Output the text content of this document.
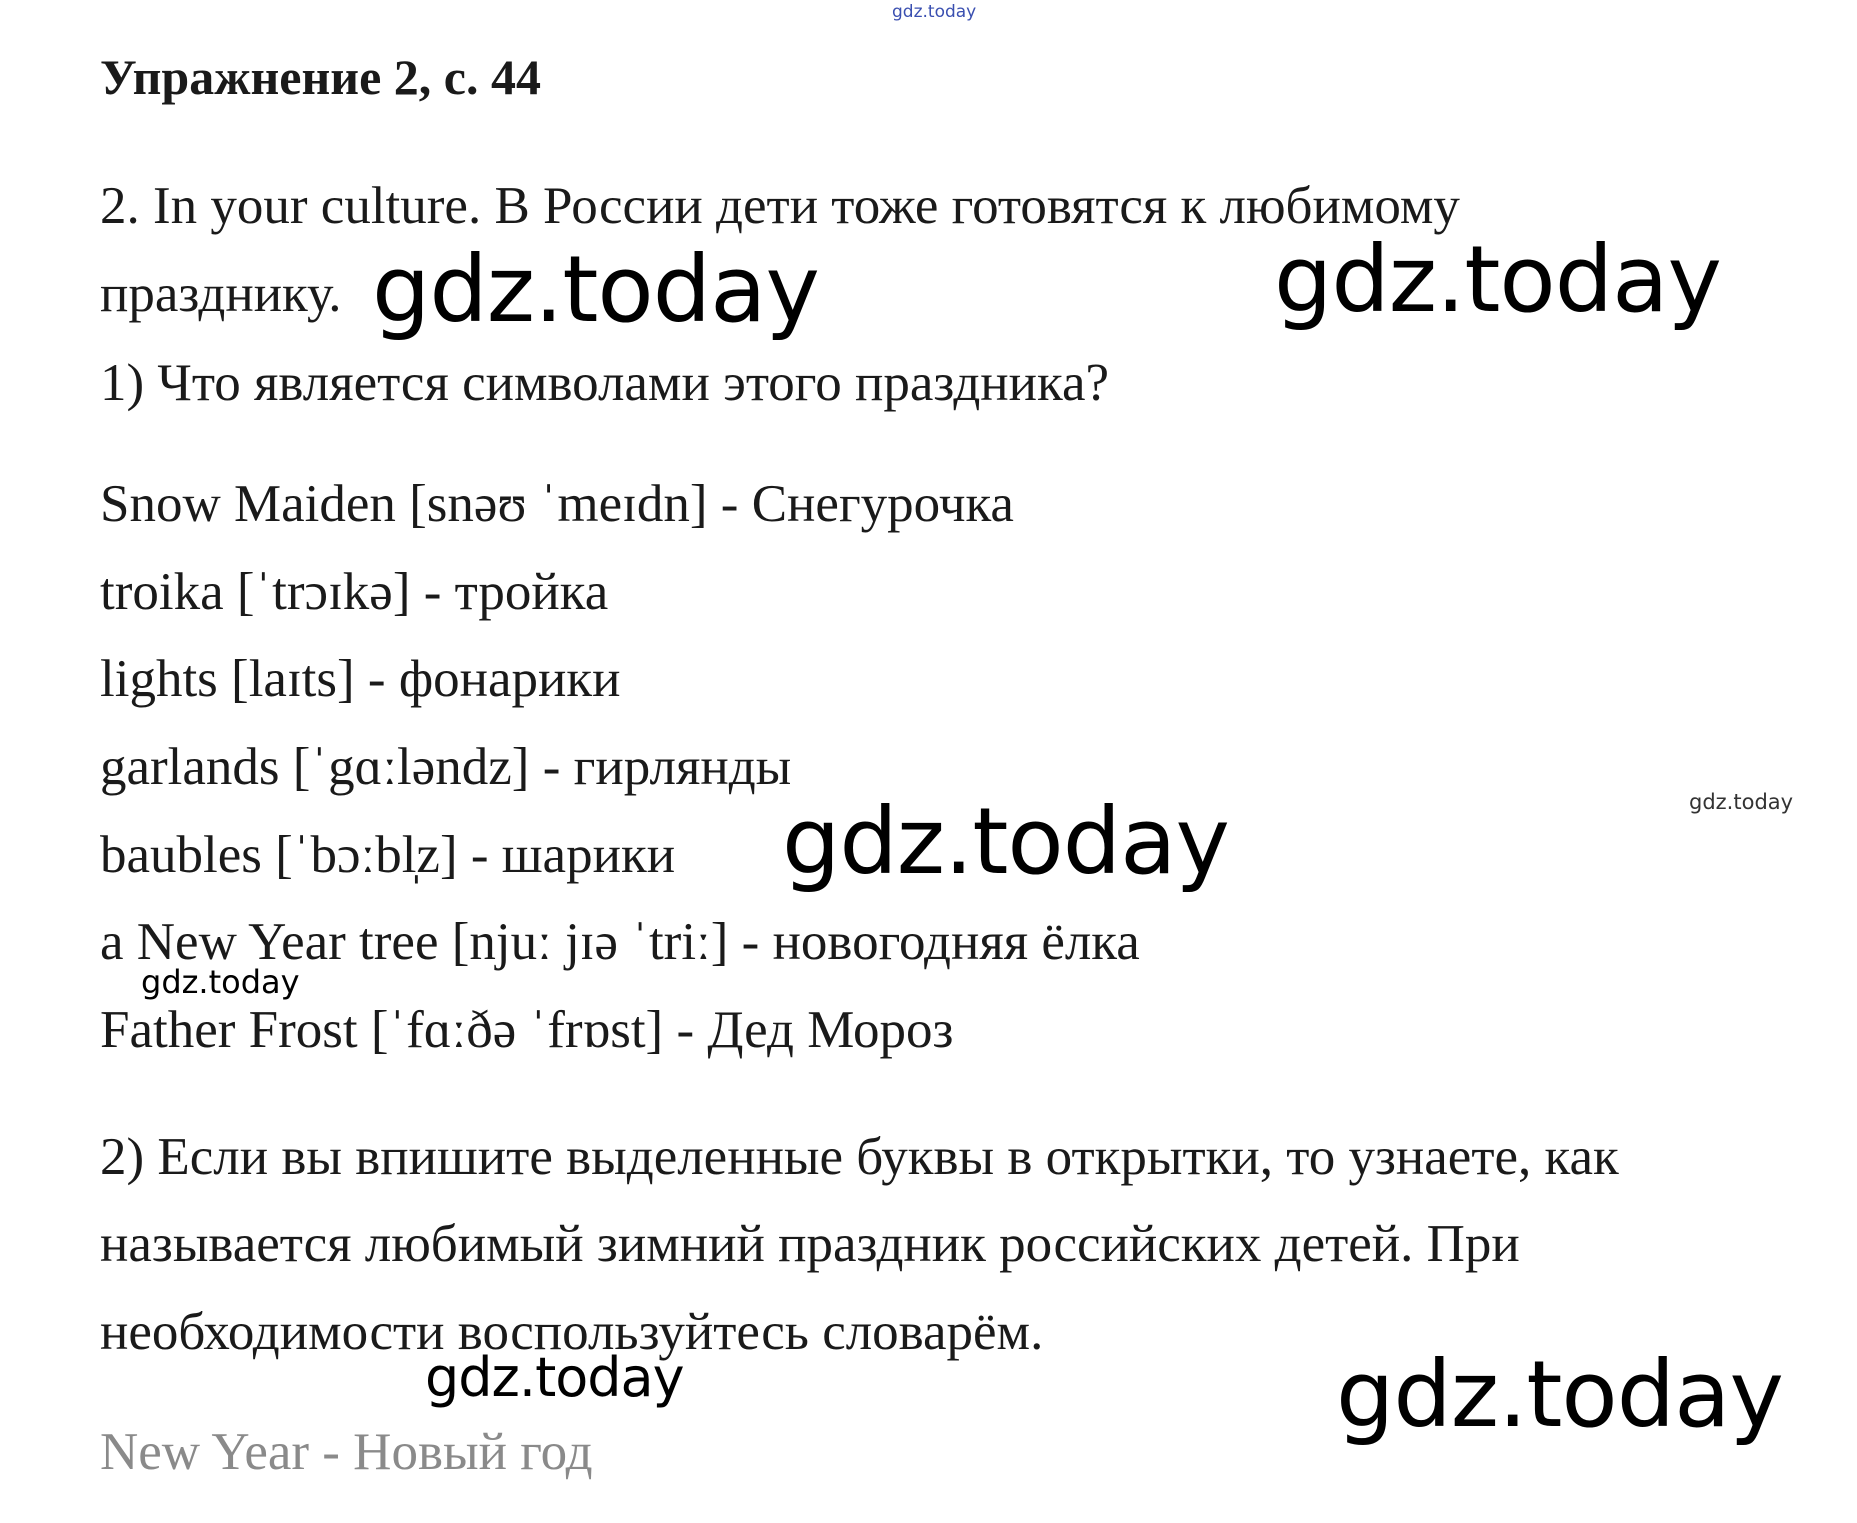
gdz.today
Упражнение 2, с. 44
2. In your culture. В России дети тоже готовятся к любимому
празднику. gdz.today	gdz.today
1) Что является символами этого праздника?
Snow Maiden [snəʊ ˈmeɪdn] - Снегурочка
troika [ˈtrɔɪkə] - тройка
lights [laɪts] - фонарики
garlands [ˈgɑːləndz] - гирлянды
baubles [ˈbɔːbl̩z] - шарики
a New Year tree [njuː jɪə ˈtriː] - новогодняя ёлка
Father Frost [ˈfɑːðə ˈfrɒst] - Дед Мороз
gdz.today
gdz.today
gdz.today
2) Если вы впишите выделенные буквы в открытки, то узнаете, как
называется любимый зимний праздник российских детей. При
необходимости воспользуйтесь словарём.
gdz.today	gdz.today
New Year - Новый год
